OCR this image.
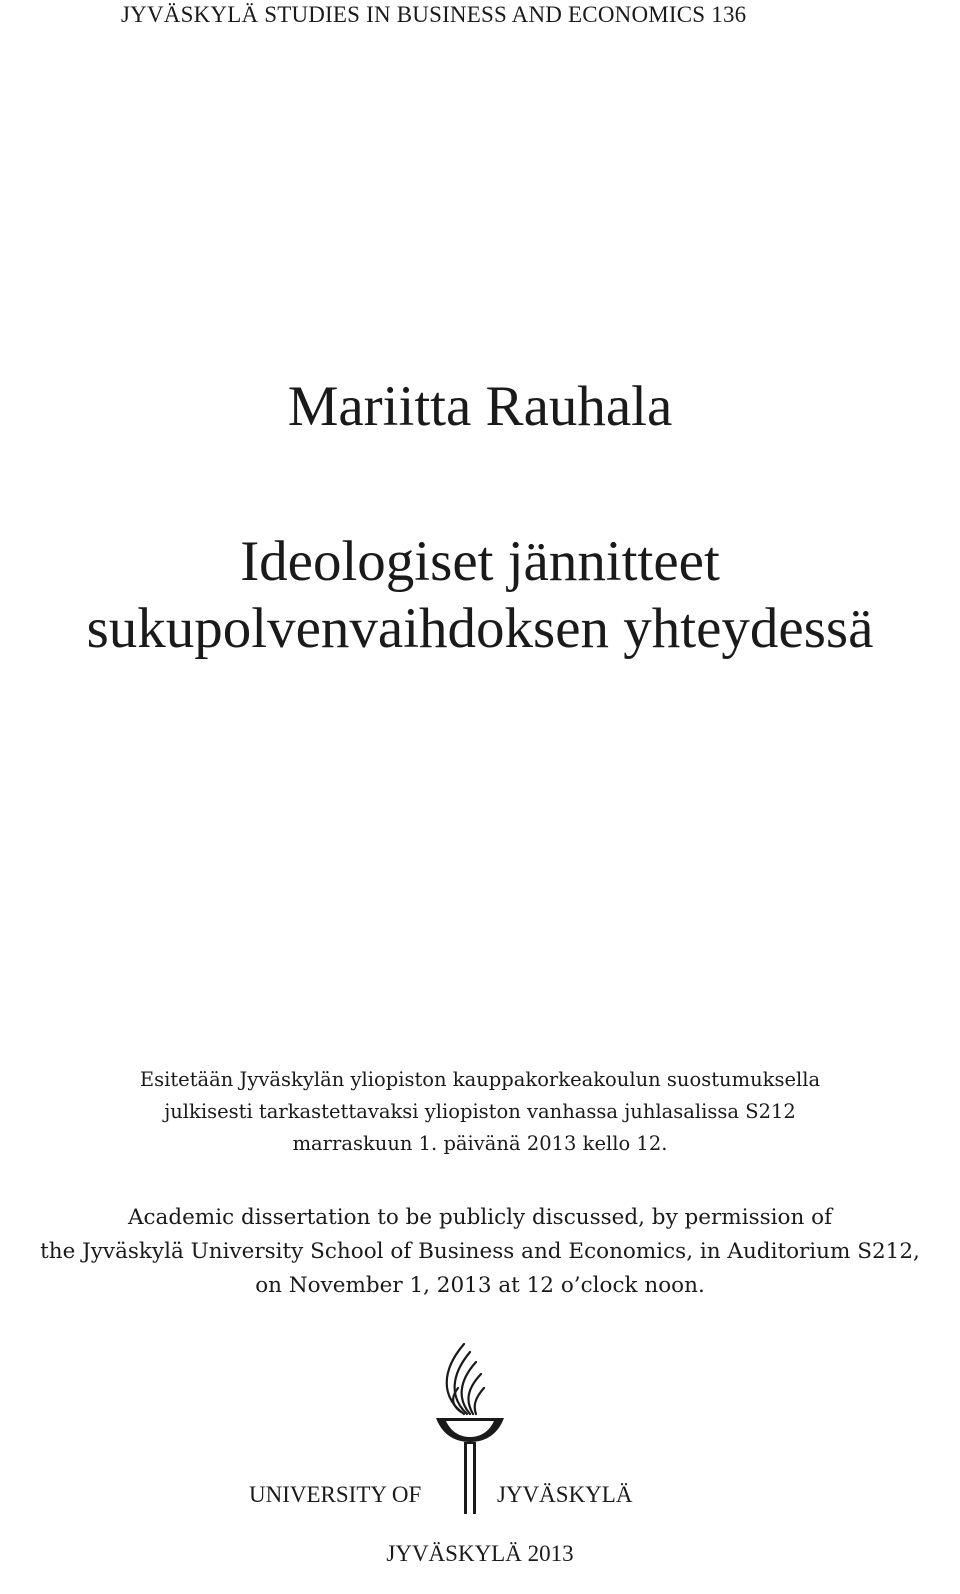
JYVÄSKYLÄ STUDIES IN BUSINESS AND ECONOMICS 136
Mariitta Rauhala
Ideologiset jännitteet
sukupolvenvaihdoksen yhteydessä
Esitetään Jyväskylän yliopiston kauppakorkeakoulun suostumuksella
julkisesti tarkastettavaksi yliopiston vanhassa juhlasalissa S212
marraskuun 1. päivänä 2013 kello 12.
Academic dissertation to be publicly discussed, by permission of
the Jyväskylä University School of Business and Economics, in Auditorium S212,
on November 1, 2013 at 12 o’clock noon.
UNIVERSITY OF	JYVÄSKYLÄ
JYVÄSKYLÄ 2013
